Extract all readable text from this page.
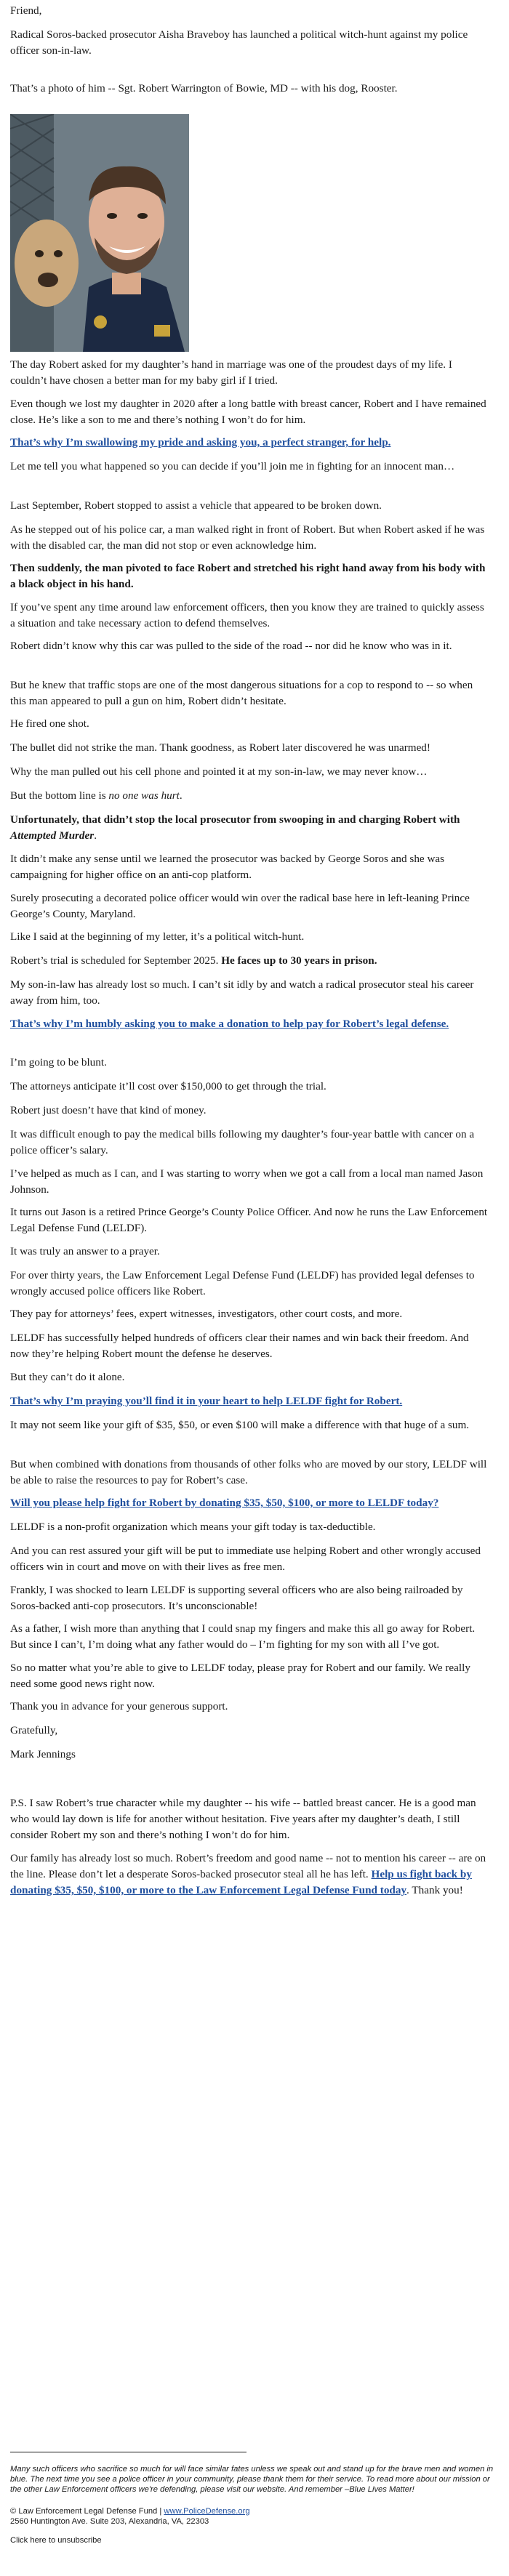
Friend,

Radical Soros-backed prosecutor Aisha Braveboy has launched a political witch-hunt against my police officer son-in-law.

That’s a photo of him -- Sgt. Robert Warrington of Bowie, MD -- with his dog, Rooster.

The day Robert asked for my daughter’s hand in marriage was one of the proudest days of my life. I couldn’t have chosen a better man for my baby girl if I tried.

Even though we lost my daughter in 2020 after a long battle with breast cancer, Robert and I have remained close. He’s like a son to me and there’s nothing I won’t do for him.

That’s why I’m swallowing my pride and asking you, a perfect stranger, for help.

Let me tell you what happened so you can decide if you’ll join me in fighting for an innocent man…

Last September, Robert stopped to assist a vehicle that appeared to be broken down.

As he stepped out of his police car, a man walked right in front of Robert. But when Robert asked if he was with the disabled car, the man did not stop or even acknowledge him.

Then suddenly, the man pivoted to face Robert and stretched his right hand away from his body with a black object in his hand.

If you’ve spent any time around law enforcement officers, then you know they are trained to quickly assess a situation and take necessary action to defend themselves.

Robert didn’t know why this car was pulled to the side of the road -- nor did he know who was in it.

But he knew that traffic stops are one of the most dangerous situations for a cop to respond to -- so when this man appeared to pull a gun on him, Robert didn’t hesitate.

He fired one shot.

The bullet did not strike the man. Thank goodness, as Robert later discovered he was unarmed!

Why the man pulled out his cell phone and pointed it at my son-in-law, we may never know…

But the bottom line is no one was hurt.

Unfortunately, that didn’t stop the local prosecutor from swooping in and charging Robert with Attempted Murder.

It didn’t make any sense until we learned the prosecutor was backed by George Soros and she was campaigning for higher office on an anti-cop platform.

Surely prosecuting a decorated police officer would win over the radical base here in left-leaning Prince George’s County, Maryland.

Like I said at the beginning of my letter, it’s a political witch-hunt.

Robert’s trial is scheduled for September 2025. He faces up to 30 years in prison.

My son-in-law has already lost so much. I can’t sit idly by and watch a radical prosecutor steal his career away from him, too.

That’s why I’m humbly asking you to make a donation to help pay for Robert’s legal defense.

I’m going to be blunt.

The attorneys anticipate it’ll cost over $150,000 to get through the trial.

Robert just doesn’t have that kind of money.

It was difficult enough to pay the medical bills following my daughter’s four-year battle with cancer on a police officer’s salary.

I’ve helped as much as I can, and I was starting to worry when we got a call from a local man named Jason Johnson.

It turns out Jason is a retired Prince George’s County Police Officer. And now he runs the Law Enforcement Legal Defense Fund (LELDF).

It was truly an answer to a prayer.

For over thirty years, the Law Enforcement Legal Defense Fund (LELDF) has provided legal defenses to wrongly accused police officers like Robert.

They pay for attorneys’ fees, expert witnesses, investigators, other court costs, and more.

LELDF has successfully helped hundreds of officers clear their names and win back their freedom. And now they’re helping Robert mount the defense he deserves.

But they can’t do it alone.

That’s why I’m praying you’ll find it in your heart to help LELDF fight for Robert.

It may not seem like your gift of $35, $50, or even $100 will make a difference with that huge of a sum.

But when combined with donations from thousands of other folks who are moved by our story, LELDF will be able to raise the resources to pay for Robert’s case.

Will you please help fight for Robert by donating $35, $50, $100, or more to LELDF today?

LELDF is a non-profit organization which means your gift today is tax-deductible.

And you can rest assured your gift will be put to immediate use helping Robert and other wrongly accused officers win in court and move on with their lives as free men.

Frankly, I was shocked to learn LELDF is supporting several officers who are also being railroaded by Soros-backed anti-cop prosecutors. It’s unconscionable!

As a father, I wish more than anything that I could snap my fingers and make this all go away for Robert. But since I can’t, I’m doing what any father would do – I’m fighting for my son with all I’ve got.

So no matter what you’re able to give to LELDF today, please pray for Robert and our family. We really need some good news right now.

Thank you in advance for your generous support.

Gratefully,

Mark Jennings

P.S. I saw Robert’s true character while my daughter -- his wife -- battled breast cancer. He is a good man who would lay down is life for another without hesitation. Five years after my daughter’s death, I still consider Robert my son and there’s nothing I won’t do for him.

Our family has already lost so much. Robert’s freedom and good name -- not to mention his career -- are on the line. Please don’t let a desperate Soros-backed prosecutor steal all he has left. Help us fight back by donating $35, $50, $100, or more to the Law Enforcement Legal Defense Fund today. Thank you!

Many such officers who sacrifice so much for will face similar fates unless we speak out and stand up for the brave men and women in blue. The next time you see a police officer in your community, please thank them for their service. To read more about our mission or the other Law Enforcement officers we're defending, please visit our website. And remember –Blue Lives Matter!

© Law Enforcement Legal Defense Fund | www.PoliceDefense.org

2560 Huntington Ave. Suite 203, Alexandria, VA, 22303

Click here to unsubscribe
